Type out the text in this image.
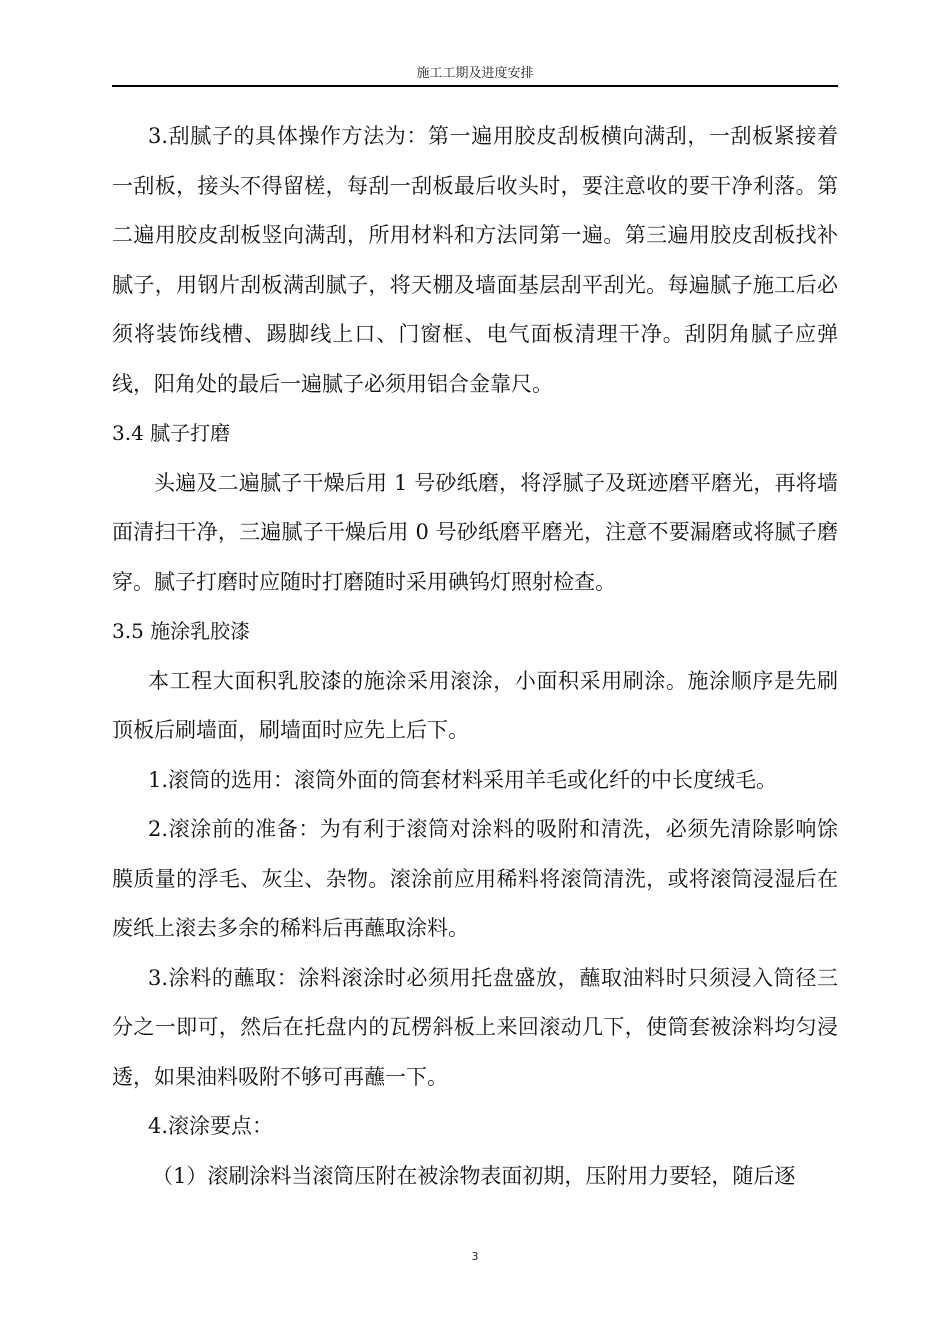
施工工期及进度安排

3.刮腻子的具体操作方法为：第一遍用胶皮刮板横向满刮，一刮板紧接着一刮板，接头不得留槎，每刮一刮板最后收头时，要注意收的要干净利落。第二遍用胶皮刮板竖向满刮，所用材料和方法同第一遍。第三遍用胶皮刮板找补腻子，用钢片刮板满刮腻子，将天棚及墙面基层刮平刮光。每遍腻子施工后必须将装饰线槽、踢脚线上口、门窗框、电气面板清理干净。刮阴角腻子应弹线，阳角处的最后一遍腻子必须用铝合金靠尺。

3.4 腻子打磨

头遍及二遍腻子干燥后用 1 号砂纸磨，将浮腻子及斑迹磨平磨光，再将墙面清扫干净，三遍腻子干燥后用 0 号砂纸磨平磨光，注意不要漏磨或将腻子磨穿。腻子打磨时应随时打磨随时采用碘钨灯照射检查。

3.5 施涂乳胶漆

本工程大面积乳胶漆的施涂采用滚涂，小面积采用刷涂。施涂顺序是先刷顶板后刷墙面，刷墙面时应先上后下。

1.滚筒的选用：滚筒外面的筒套材料采用羊毛或化纤的中长度绒毛。

2.滚涂前的准备：为有利于滚筒对涂料的吸附和清洗，必须先清除影响馀膜质量的浮毛、灰尘、杂物。滚涂前应用稀料将滚筒清洗，或将滚筒浸湿后在废纸上滚去多余的稀料后再蘸取涂料。

3.涂料的蘸取：涂料滚涂时必须用托盘盛放，蘸取油料时只须浸入筒径三分之一即可，然后在托盘内的瓦楞斜板上来回滚动几下，使筒套被涂料均匀浸透，如果油料吸附不够可再蘸一下。

4.滚涂要点：

（1）滚刷涂料当滚筒压附在被涂物表面初期，压附用力要轻，随后逐

3
